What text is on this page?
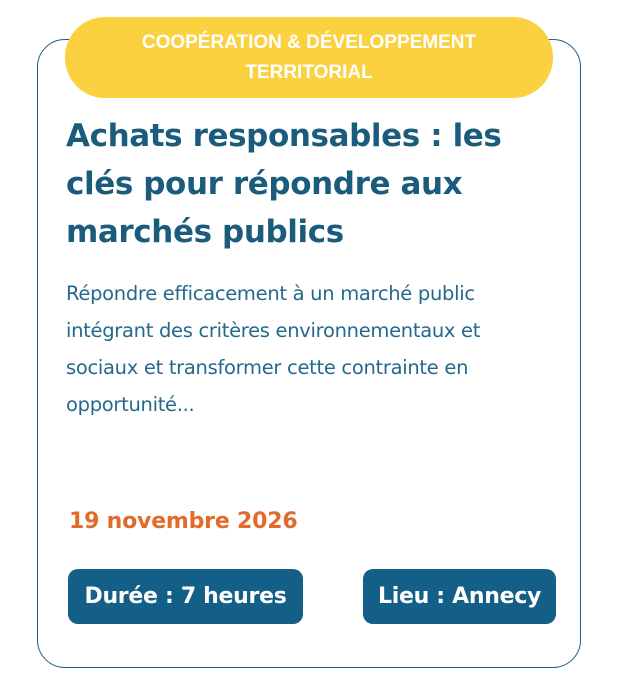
COOPÉRATION & DÉVELOPPEMENT
TERRITORIAL
Achats responsables : les clés pour répondre aux marchés publics

Répondre efficacement à un marché public intégrant des critères environnementaux et sociaux et transformer cette contrainte en opportunité...

19 novembre 2026
Durée : 7 heures	Lieu : Annecy
